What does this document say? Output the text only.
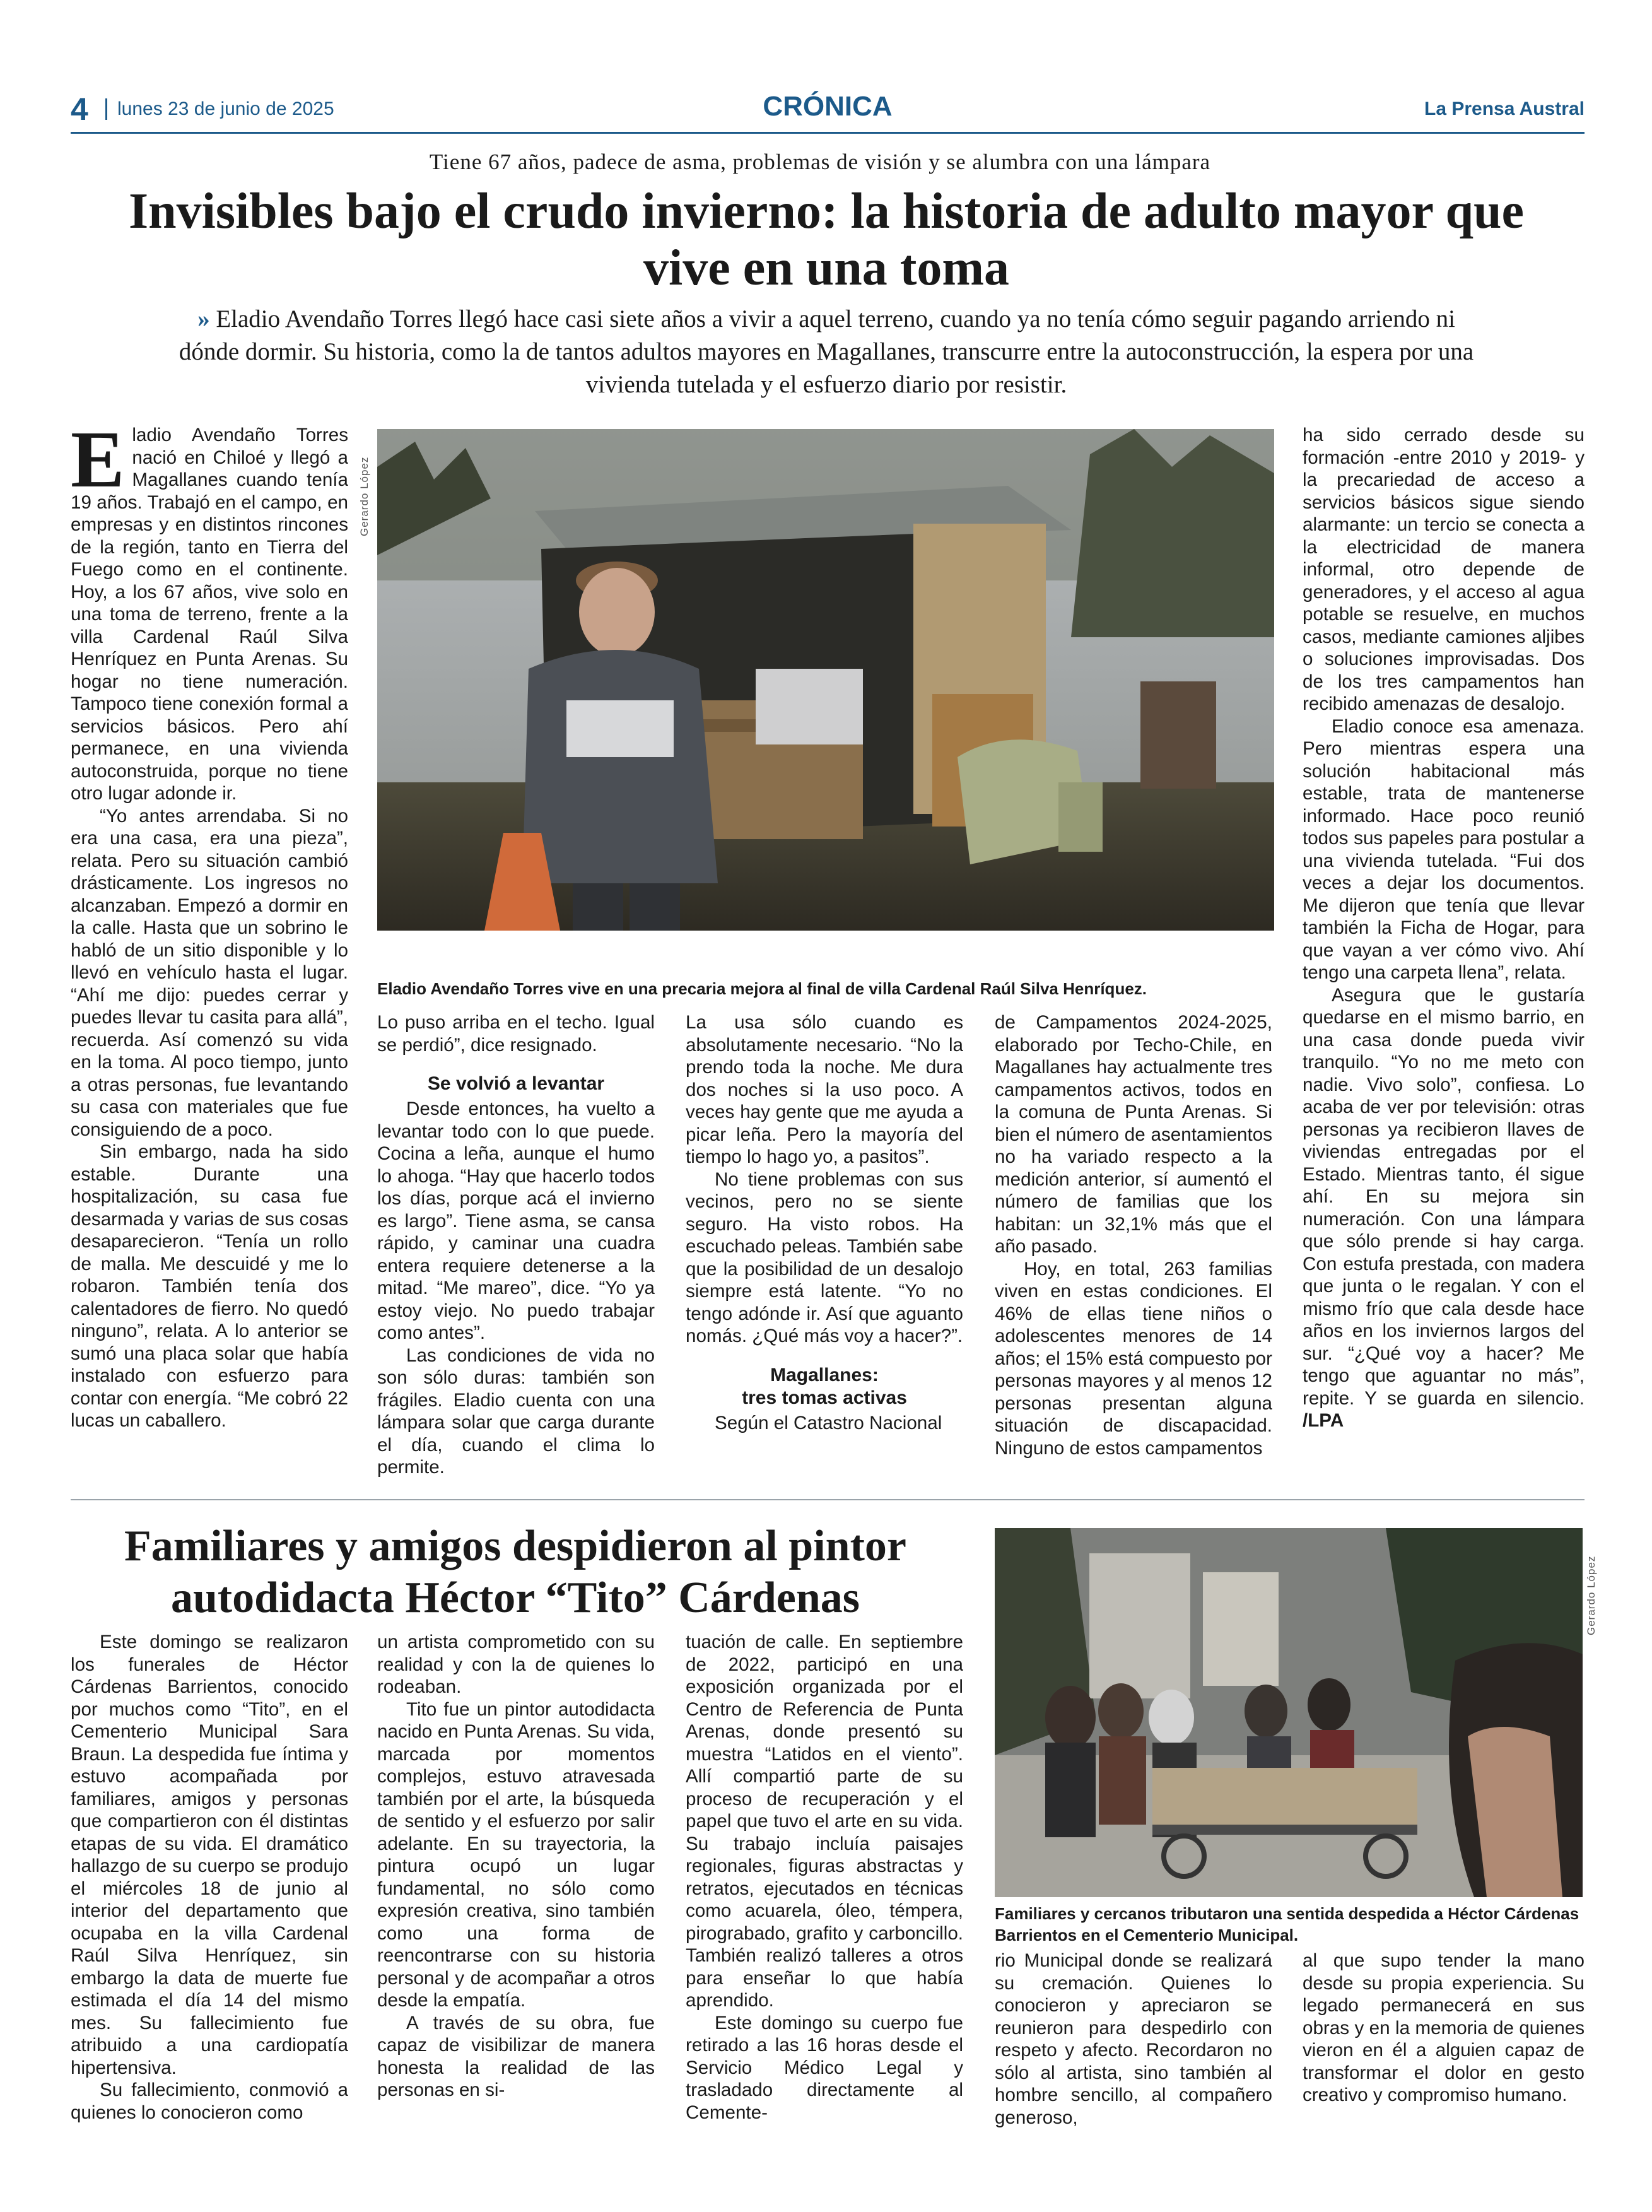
4	lunes 23 de junio de 2025	CRÓNICA	La Prensa Austral
Tiene 67 años, padece de asma, problemas de visión y se alumbra con una lámpara
Invisibles bajo el crudo invierno: la historia de adulto mayor que vive en una toma
» Eladio Avendaño Torres llegó hace casi siete años a vivir a aquel terreno, cuando ya no tenía cómo seguir pagando arriendo ni dónde dormir. Su historia, como la de tantos adultos mayores en Magallanes, transcurre entre la autoconstrucción, la espera por una vivienda tutelada y el esfuerzo diario por resistir.

Eladio Avendaño Torres nació en Chiloé y llegó a Magallanes cuando tenía 19 años. Trabajó en el campo, en empresas y en distintos rincones de la región, tanto en Tierra del Fuego como en el continente. Hoy, a los 67 años, vive solo en una toma de terreno, frente a la villa Cardenal Raúl Silva Henríquez en Punta Arenas. Su hogar no tiene numeración. Tampoco tiene conexión formal a servicios básicos. Pero ahí permanece, en una vivienda autoconstruida, porque no tiene otro lugar adonde ir.

“Yo antes arrendaba. Si no era una casa, era una pieza”, relata. Pero su situación cambió drásticamente. Los ingresos no alcanzaban. Empezó a dormir en la calle. Hasta que un sobrino le habló de un sitio disponible y lo llevó en vehículo hasta el lugar. “Ahí me dijo: puedes cerrar y puedes llevar tu casita para allá”, recuerda. Así comenzó su vida en la toma. Al poco tiempo, junto a otras personas, fue levantando su casa con materiales que fue consiguiendo de a poco.

Sin embargo, nada ha sido estable. Durante una hospitalización, su casa fue desarmada y varias de sus cosas desaparecieron. “Tenía un rollo de malla. Me descuidé y me lo robaron. También tenía dos calentadores de fierro. No quedó ninguno”, relata. A lo anterior se sumó una placa solar que había instalado con esfuerzo para contar con energía. “Me cobró 22 lucas un caballero.

Gerardo López
Eladio Avendaño Torres vive en una precaria mejora al final de villa Cardenal Raúl Silva Henríquez.

Lo puso arriba en el techo. Igual se perdió”, dice resignado.

Se volvió a levantar

Desde entonces, ha vuelto a levantar todo con lo que puede. Cocina a leña, aunque el humo lo ahoga. “Hay que hacerlo todos los días, porque acá el invierno es largo”. Tiene asma, se cansa rápido, y caminar una cuadra entera requiere detenerse a la mitad. “Me mareo”, dice. “Yo ya estoy viejo. No puedo trabajar como antes”.

Las condiciones de vida no son sólo duras: también son frágiles. Eladio cuenta con una lámpara solar que carga durante el día, cuando el clima lo permite.

La usa sólo cuando es absolutamente necesario. “No la prendo toda la noche. Me dura dos noches si la uso poco. A veces hay gente que me ayuda a picar leña. Pero la mayoría del tiempo lo hago yo, a pasitos”.

No tiene problemas con sus vecinos, pero no se siente seguro. Ha visto robos. Ha escuchado peleas. También sabe que la posibilidad de un desalojo siempre está latente. “Yo no tengo adónde ir. Así que aguanto nomás. ¿Qué más voy a hacer?”.

Magallanes:
tres tomas activas

Según el Catastro Nacional

de Campamentos 2024-2025, elaborado por Techo-Chile, en Magallanes hay actualmente tres campamentos activos, todos en la comuna de Punta Arenas. Si bien el número de asentamientos no ha variado respecto a la medición anterior, sí aumentó el número de familias que los habitan: un 32,1% más que el año pasado.

Hoy, en total, 263 familias viven en estas condiciones. El 46% de ellas tiene niños o adolescentes menores de 14 años; el 15% está compuesto por personas mayores y al menos 12 personas presentan alguna situación de discapacidad. Ninguno de estos campamentos

ha sido cerrado desde su formación -entre 2010 y 2019- y la precariedad de acceso a servicios básicos sigue siendo alarmante: un tercio se conecta a la electricidad de manera informal, otro depende de generadores, y el acceso al agua potable se resuelve, en muchos casos, mediante camiones aljibes o soluciones improvisadas. Dos de los tres campamentos han recibido amenazas de desalojo.

Eladio conoce esa amenaza. Pero mientras espera una solución habitacional más estable, trata de mantenerse informado. Hace poco reunió todos sus papeles para postular a una vivienda tutelada. “Fui dos veces a dejar los documentos. Me dijeron que tenía que llevar también la Ficha de Hogar, para que vayan a ver cómo vivo. Ahí tengo una carpeta llena”, relata.

Asegura que le gustaría quedarse en el mismo barrio, en una casa donde pueda vivir tranquilo. “Yo no me meto con nadie. Vivo solo”, confiesa. Lo acaba de ver por televisión: otras personas ya recibieron llaves de viviendas entregadas por el Estado. Mientras tanto, él sigue ahí. En su mejora sin numeración. Con una lámpara que sólo prende si hay carga. Con estufa prestada, con madera que junta o le regalan. Y con el mismo frío que cala desde hace años en los inviernos largos del sur. “¿Qué voy a hacer? Me tengo que aguantar no más”, repite. Y se guarda en silencio. /LPA

Familiares y amigos despidieron al pintor autodidacta Héctor “Tito” Cárdenas	Gerardo López
Familiares y cercanos tributaron una sentida despedida a Héctor Cárdenas Barrientos en el Cementerio Municipal.

Este domingo se realizaron los funerales de Héctor Cárdenas Barrientos, conocido por muchos como “Tito”, en el Cementerio Municipal Sara Braun. La despedida fue íntima y estuvo acompañada por familiares, amigos y personas que compartieron con él distintas etapas de su vida. El dramático hallazgo de su cuerpo se produjo el miércoles 18 de junio al interior del departamento que ocupaba en la villa Cardenal Raúl Silva Henríquez, sin embargo la data de muerte fue estimada el día 14 del mismo mes. Su fallecimiento fue atribuido a una cardiopatía hipertensiva.

Su fallecimiento, conmovió a quienes lo conocieron como

un artista comprometido con su realidad y con la de quienes lo rodeaban.

Tito fue un pintor autodidacta nacido en Punta Arenas. Su vida, marcada por momentos complejos, estuvo atravesada también por el arte, la búsqueda de sentido y el esfuerzo por salir adelante. En su trayectoria, la pintura ocupó un lugar fundamental, no sólo como expresión creativa, sino también como una forma de reencontrarse con su historia personal y de acompañar a otros desde la empatía.

A través de su obra, fue capaz de visibilizar de manera honesta la realidad de las personas en si-

tuación de calle. En septiembre de 2022, participó en una exposición organizada por el Centro de Referencia de Punta Arenas, donde presentó su muestra “Latidos en el viento”. Allí compartió parte de su proceso de recuperación y el papel que tuvo el arte en su vida. Su trabajo incluía paisajes regionales, figuras abstractas y retratos, ejecutados en técnicas como acuarela, óleo, témpera, pirograbado, grafito y carboncillo. También realizó talleres a otros para enseñar lo que había aprendido.

Este domingo su cuerpo fue retirado a las 16 horas desde el Servicio Médico Legal y trasladado directamente al Cemente-

rio Municipal donde se realizará su cremación. Quienes lo conocieron y apreciaron se reunieron para despedirlo con respeto y afecto. Recordaron no sólo al artista, sino también al hombre sencillo, al compañero generoso,

al que supo tender la mano desde su propia experiencia. Su legado permanecerá en sus obras y en la memoria de quienes vieron en él a alguien capaz de transformar el dolor en gesto creativo y compromiso humano.
